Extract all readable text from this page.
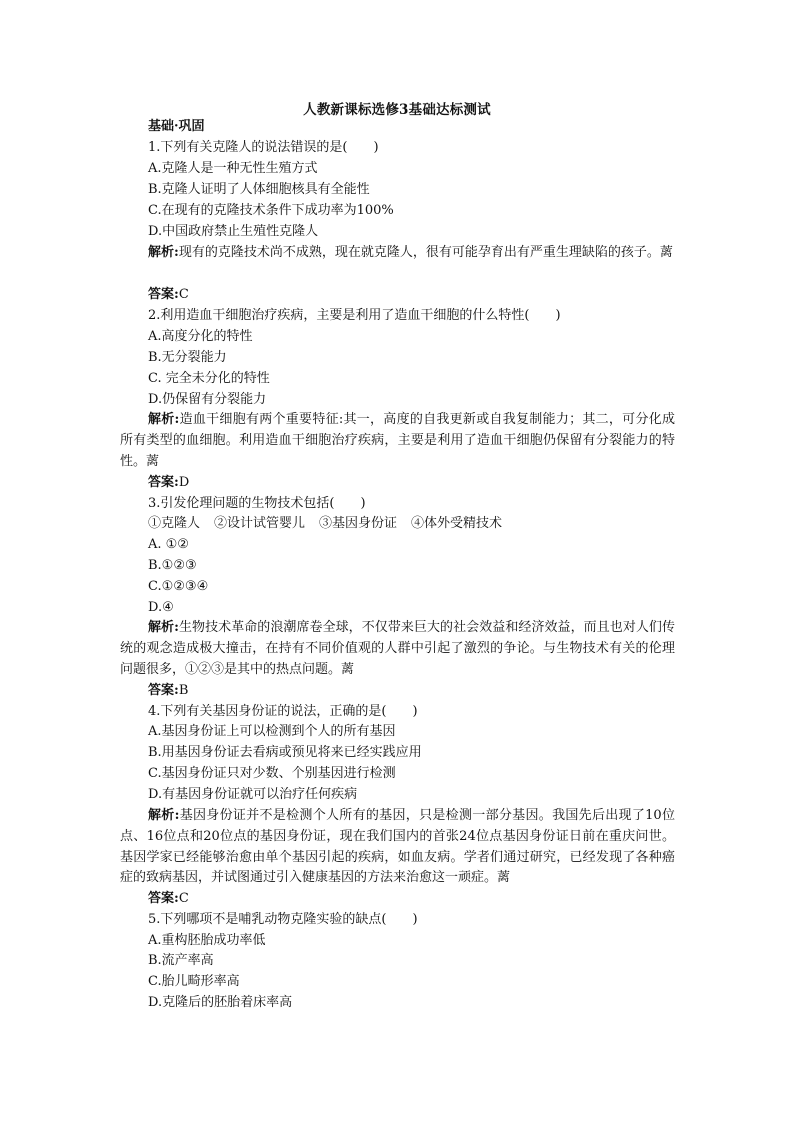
人教新课标选修3基础达标测试
基础·巩固
1.下列有关克隆人的说法错误的是(　　)
A.克隆人是一种无性生殖方式
B.克隆人证明了人体细胞核具有全能性
C.在现有的克隆技术条件下成功率为100%
D.中国政府禁止生殖性克隆人
解析:现有的克隆技术尚不成熟，现在就克隆人，很有可能孕育出有严重生理缺陷的孩子。蓠
答案:C
2.利用造血干细胞治疗疾病，主要是利用了造血干细胞的什么特性(　　)
A.高度分化的特性
B.无分裂能力
C. 完全未分化的特性
D.仍保留有分裂能力
解析:造血干细胞有两个重要特征:其一，高度的自我更新或自我复制能力；其二，可分化成所有类型的血细胞。利用造血干细胞治疗疾病，主要是利用了造血干细胞仍保留有分裂能力的特性。蓠
答案:D
3.引发伦理问题的生物技术包括(　　)
①克隆人 ②设计试管婴儿 ③基因身份证 ④体外受精技术
A. ①②
B.①②③
C.①②③④
D.④
解析:生物技术革命的浪潮席卷全球，不仅带来巨大的社会效益和经济效益，而且也对人们传统的观念造成极大撞击，在持有不同价值观的人群中引起了激烈的争论。与生物技术有关的伦理问题很多，①②③是其中的热点问题。蓠
答案:B
4.下列有关基因身份证的说法，正确的是(　　)
A.基因身份证上可以检测到个人的所有基因
B.用基因身份证去看病或预见将来已经实践应用
C.基因身份证只对少数、个别基因进行检测
D.有基因身份证就可以治疗任何疾病
解析:基因身份证并不是检测个人所有的基因，只是检测一部分基因。我国先后出现了10位点、16位点和20位点的基因身份证，现在我们国内的首张24位点基因身份证日前在重庆问世。基因学家已经能够治愈由单个基因引起的疾病，如血友病。学者们通过研究，已经发现了各种癌症的致病基因，并试图通过引入健康基因的方法来治愈这一顽症。蓠
答案:C
5.下列哪项不是哺乳动物克隆实验的缺点(　　)
A.重构胚胎成功率低
B.流产率高
C.胎儿畸形率高
D.克隆后的胚胎着床率高
